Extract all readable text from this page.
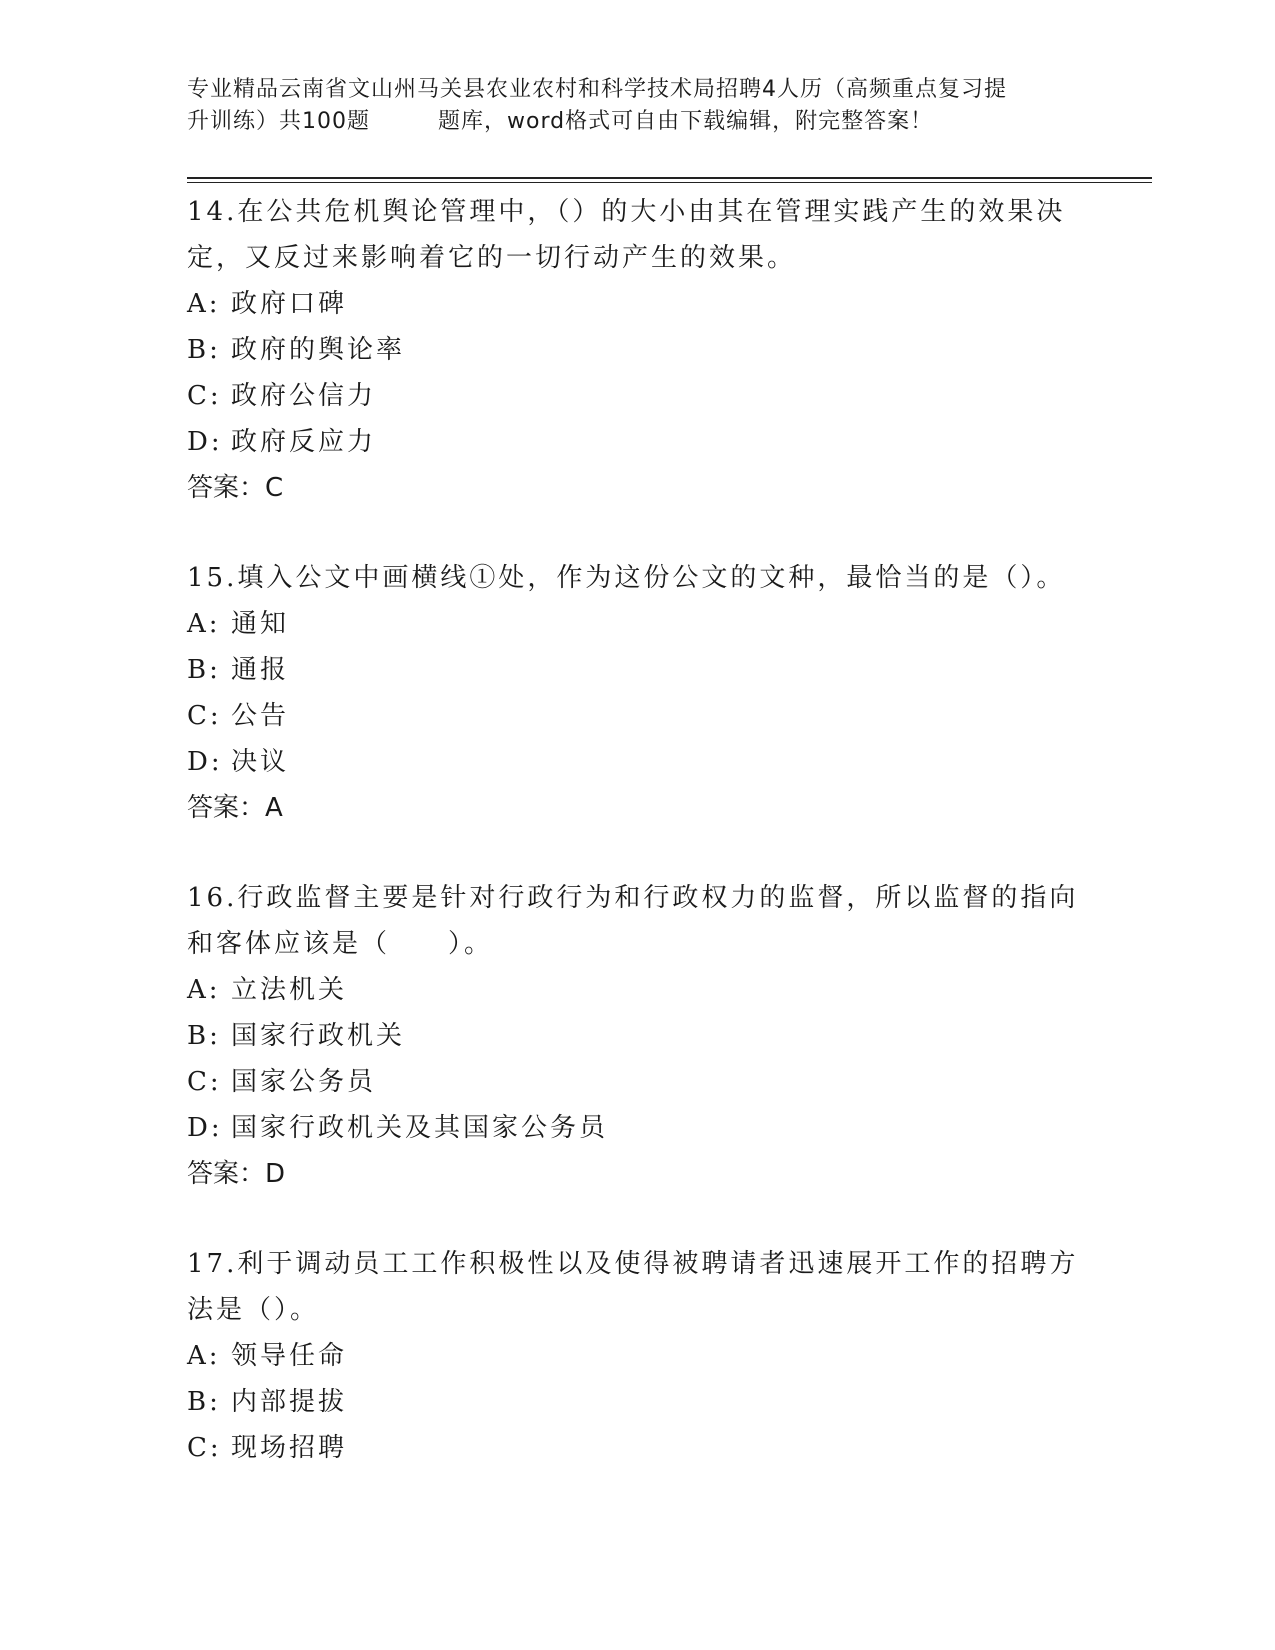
专业精品云南省文山州马关县农业农村和科学技术局招聘4人历（高频重点复习提
升训练）共100题	题库，word格式可自由下载编辑，附完整答案！

14.在公共危机舆论管理中，（）的大小由其在管理实践产生的效果决

定，又反过来影响着它的一切行动产生的效果。

A: 政府口碑

B: 政府的舆论率

C: 政府公信力

D: 政府反应力

答案：C

15.填入公文中画横线①处，作为这份公文的文种，最恰当的是（）。

A: 通知

B: 通报

C: 公告

D: 决议

答案：A

16.行政监督主要是针对行政行为和行政权力的监督，所以监督的指向

和客体应该是（　　）。

A: 立法机关

B: 国家行政机关

C: 国家公务员

D: 国家行政机关及其国家公务员

答案：D

17.利于调动员工工作积极性以及使得被聘请者迅速展开工作的招聘方

法是（）。

A: 领导任命

B: 内部提拔

C: 现场招聘
